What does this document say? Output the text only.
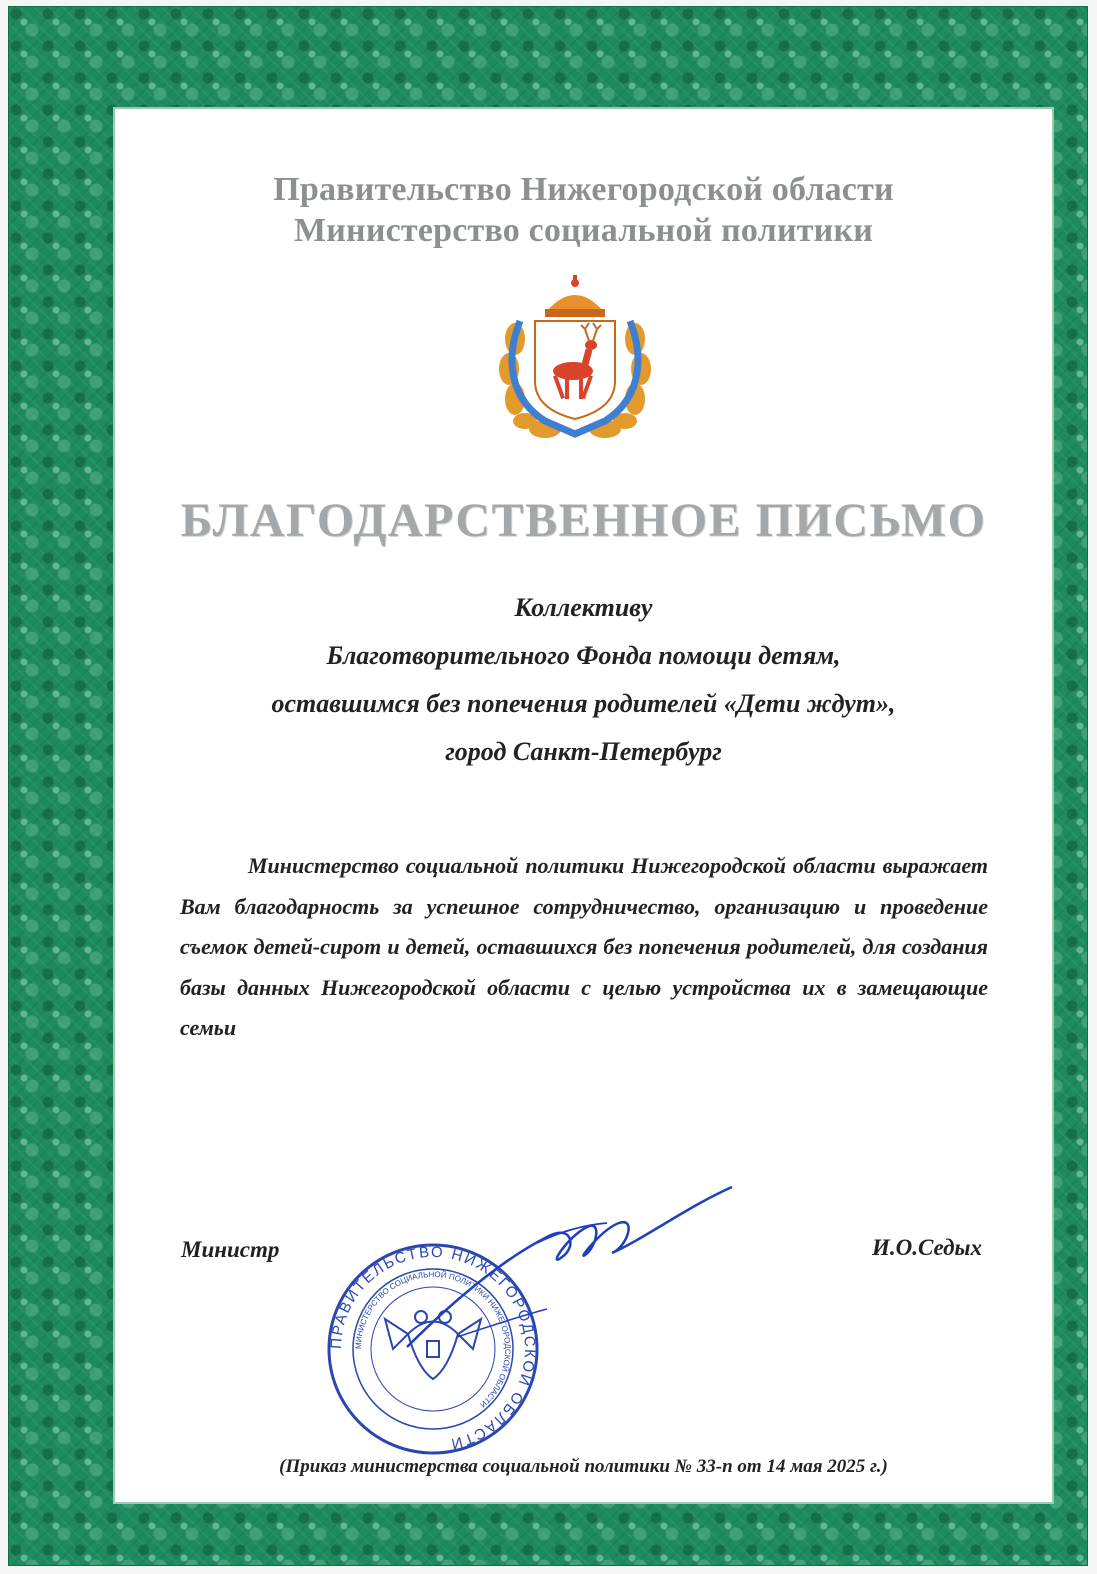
Правительство Нижегородской области
Министерство социальной политики
БЛАГОДАРСТВЕННОЕ ПИСЬМО
Коллективу
Благотворительного Фонда помощи детям,
оставшимся без попечения родителей «Дети ждут»,
город Санкт-Петербург
Министерство социальной политики Нижегородской области выражает Вам благодарность за успешное сотрудничество, организацию и проведение съемок детей-сирот и детей, оставшихся без попечения родителей, для создания базы данных Нижегородской области с целью устройства их в замещающие семьи
ПРАВИТЕЛЬСТВО НИЖЕГОРОДСКОЙ ОБЛАСТИ
МИНИСТЕРСТВО СОЦИАЛЬНОЙ ПОЛИТИКИ НИЖЕГОРОДСКОЙ ОБЛАСТИ
Министр	И.О.Седых
(Приказ министерства социальной политики № 33-п от 14 мая 2025 г.)
